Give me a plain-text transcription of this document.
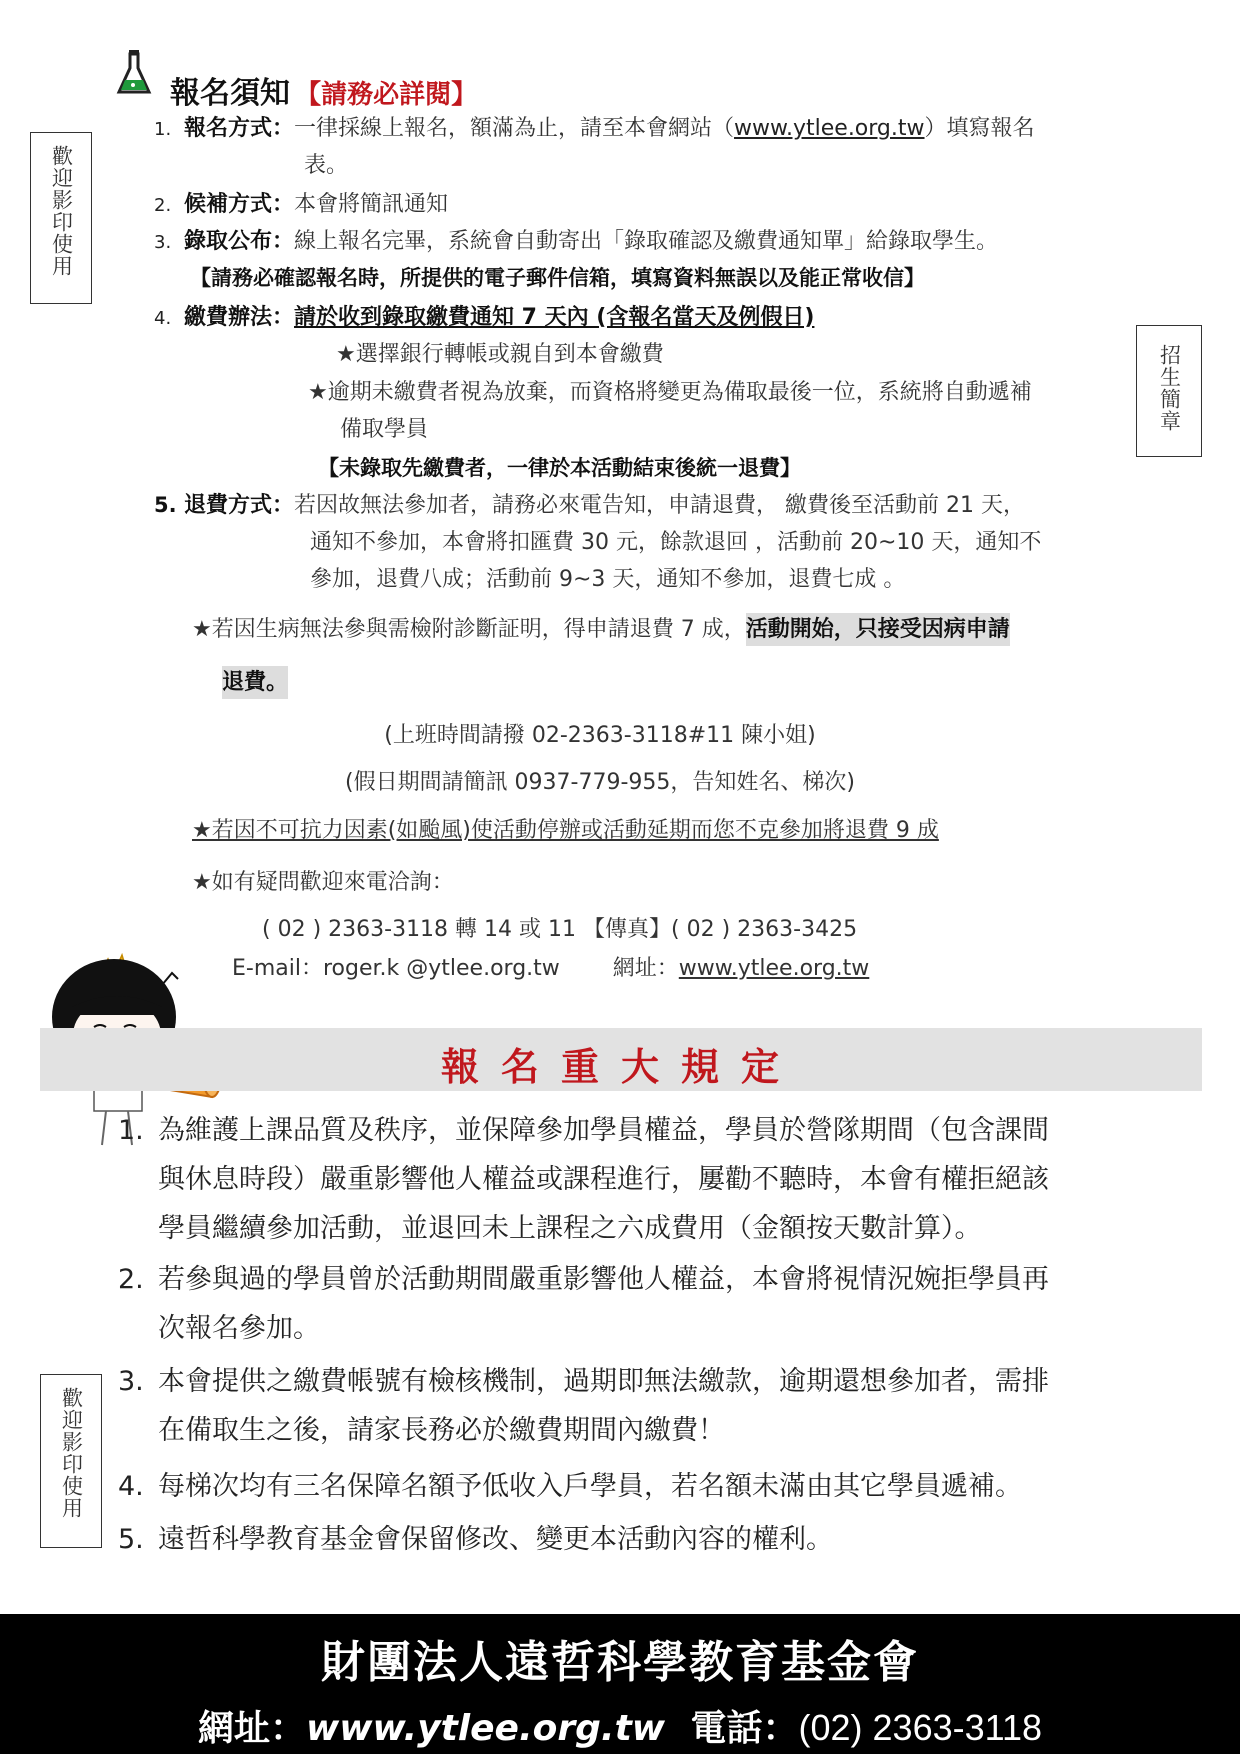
歡迎影印使用
招生簡章
歡迎影印使用
報名須知 【請務必詳閱】
1. 報名方式：一律採線上報名，額滿為止，請至本會網站（www.ytlee.org.tw）填寫報名
表。
2. 候補方式：本會將簡訊通知
3. 錄取公布：線上報名完畢，系統會自動寄出「錄取確認及繳費通知單」給錄取學生。
【請務必確認報名時，所提供的電子郵件信箱，填寫資料無誤以及能正常收信】
4. 繳費辦法：請於收到錄取繳費通知 7 天內 (含報名當天及例假日)
★選擇銀行轉帳或親自到本會繳費
★逾期未繳費者視為放棄，而資格將變更為備取最後一位，系統將自動遞補
備取學員
【未錄取先繳費者，一律於本活動結束後統一退費】
5. 退費方式：若因故無法參加者，請務必來電告知，申請退費， 繳費後至活動前 21 天，
通知不參加，本會將扣匯費 30 元，餘款退回 ，活動前 20~10 天，通知不
參加，退費八成；活動前 9~3 天，通知不參加，退費七成 。
★若因生病無法參與需檢附診斷証明，得申請退費 7 成，活動開始，只接受因病申請
退費。
(上班時間請撥 02-2363-3118#11 陳小姐)
(假日期間請簡訊 0937-779-955，告知姓名、梯次)
★若因不可抗力因素(如颱風)使活動停辦或活動延期而您不克參加將退費 9 成
★如有疑問歡迎來電洽詢：
( 02 ) 2363-3118 轉 14 或 11 【傳真】( 02 ) 2363-3425
E-mail：roger.k @ytlee.org.tw 網址：www.ytlee.org.tw
報名重大規定
1. 為維護上課品質及秩序，並保障參加學員權益，學員於營隊期間（包含課間
與休息時段）嚴重影響他人權益或課程進行，屢勸不聽時，本會有權拒絕該
學員繼續參加活動，並退回未上課程之六成費用（金額按天數計算）。
2. 若參與過的學員曾於活動期間嚴重影響他人權益，本會將視情況婉拒學員再
次報名參加。
3. 本會提供之繳費帳號有檢核機制，過期即無法繳款，逾期還想參加者，需排
在備取生之後，請家長務必於繳費期間內繳費！
4. 每梯次均有三名保障名額予低收入戶學員，若名額未滿由其它學員遞補。
5. 遠哲科學教育基金會保留修改、變更本活動內容的權利。
財團法人遠哲科學教育基金會
網址：www.ytlee.org.tw 電話：(02) 2363-3118
